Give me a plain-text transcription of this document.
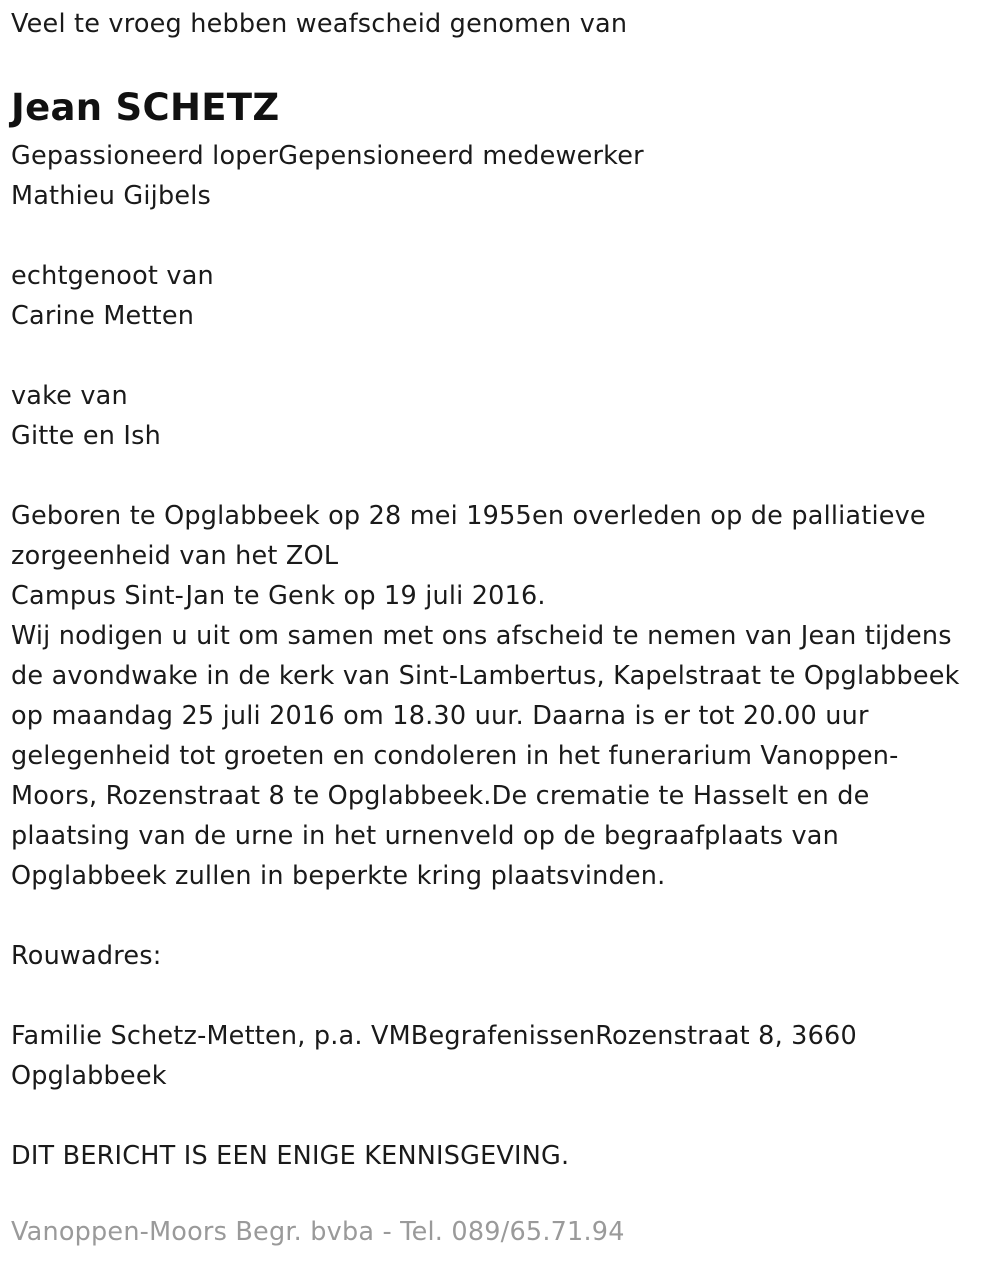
Veel te vroeg hebben weafscheid genomen van
Jean SCHETZ
Gepassioneerd loperGepensioneerd medewerker
Mathieu Gijbels
echtgenoot van
Carine Metten
vake van
Gitte en Ish
Geboren te Opglabbeek op 28 mei 1955en overleden op de palliatieve
zorgeenheid van het ZOL
Campus Sint-Jan te Genk op 19 juli 2016.
Wij nodigen u uit om samen met ons afscheid te nemen van Jean tijdens
de avondwake in de kerk van Sint-Lambertus, Kapelstraat te Opglabbeek
op maandag 25 juli 2016 om 18.30 uur. Daarna is er tot 20.00 uur
gelegenheid tot groeten en condoleren in het funerarium Vanoppen-
Moors, Rozenstraat 8 te Opglabbeek.De crematie te Hasselt en de
plaatsing van de urne in het urnenveld op de begraafplaats van
Opglabbeek zullen in beperkte kring plaatsvinden.
Rouwadres:
Familie Schetz-Metten, p.a. VMBegrafenissenRozenstraat 8, 3660
Opglabbeek
DIT BERICHT IS EEN ENIGE KENNISGEVING.
Vanoppen-Moors Begr. bvba - Tel. 089/65.71.94
